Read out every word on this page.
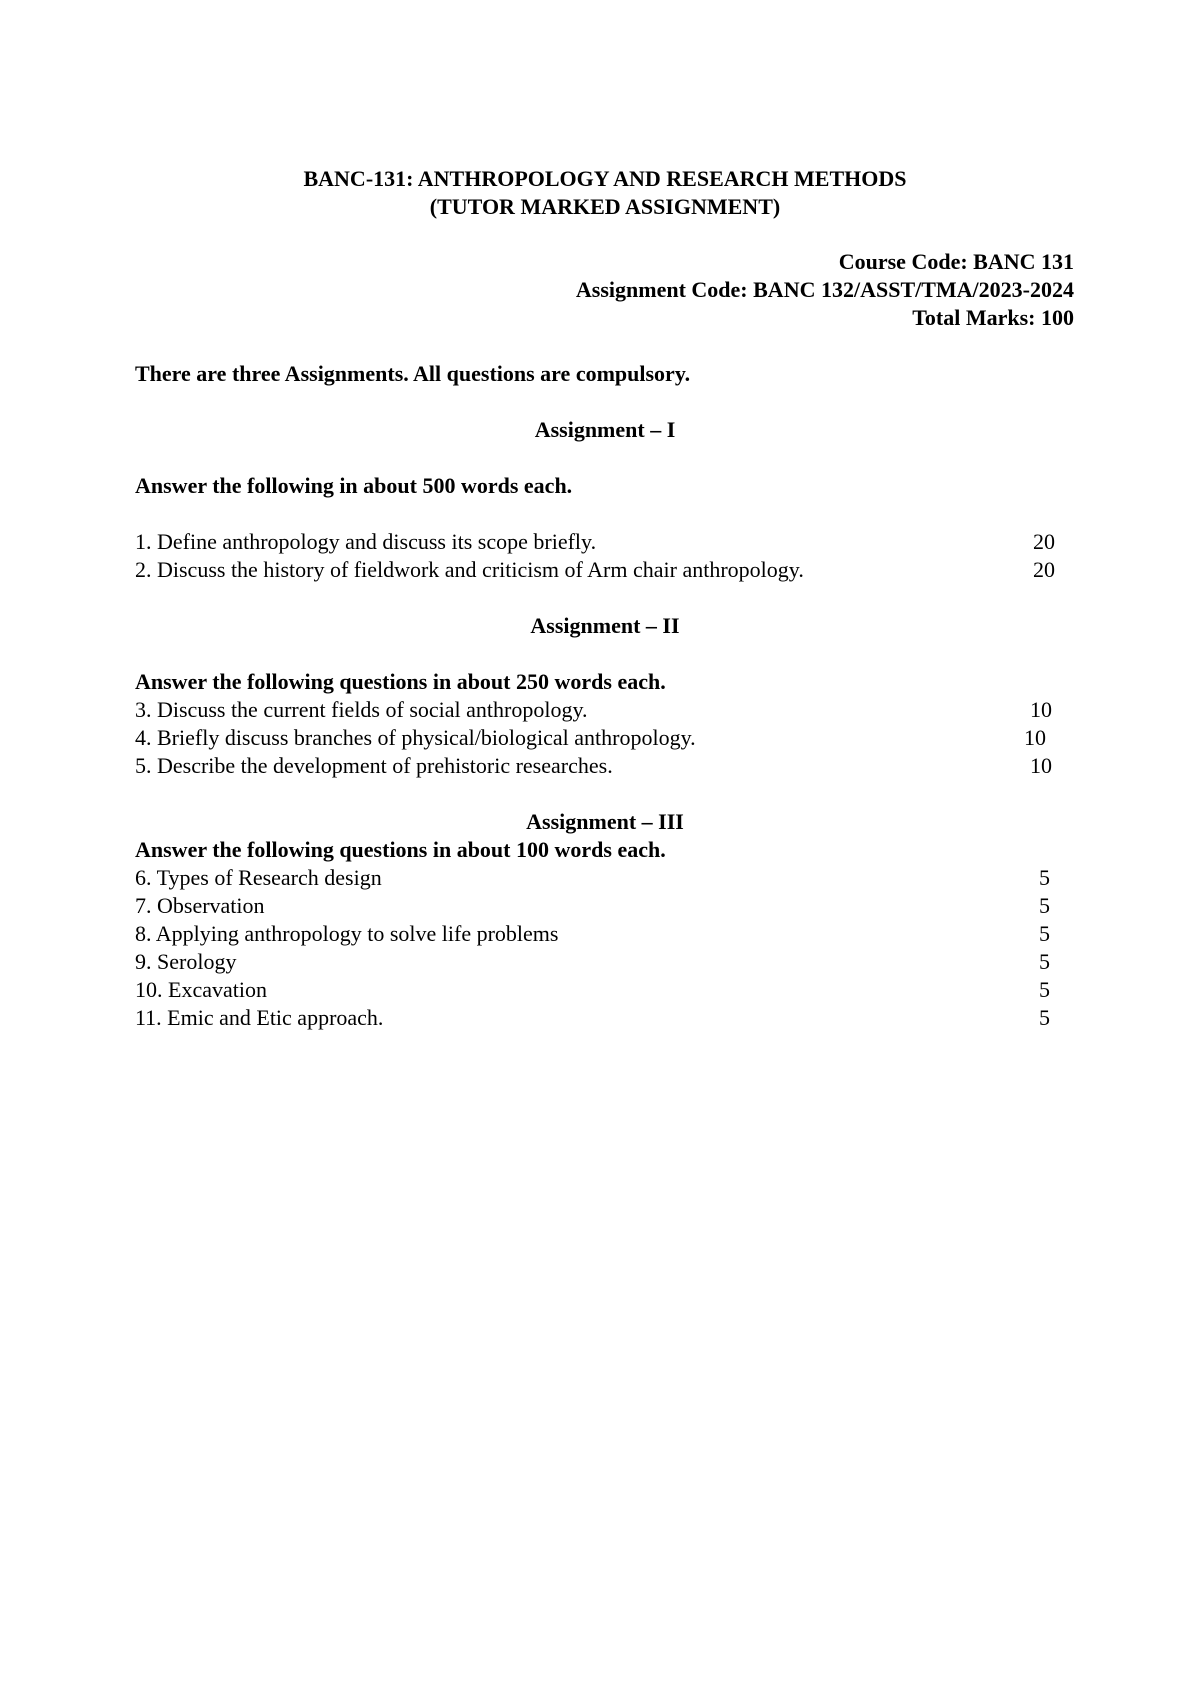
BANC-131: ANTHROPOLOGY AND RESEARCH METHODS
(TUTOR MARKED ASSIGNMENT)
Course Code: BANC 131
Assignment Code: BANC 132/ASST/TMA/2023-2024
Total Marks: 100
There are three Assignments. All questions are compulsory.
Assignment – I
Answer the following in about 500 words each.
1. Define anthropology and discuss its scope briefly.	20
2. Discuss the history of fieldwork and criticism of Arm chair anthropology.	20
Assignment – II
Answer the following questions in about 250 words each.
3. Discuss the current fields of social anthropology.	10
4. Briefly discuss branches of physical/biological anthropology.	10
5. Describe the development of prehistoric researches.	10
Assignment – III
Answer the following questions in about 100 words each.
6. Types of Research design	5
7. Observation	5
8. Applying anthropology to solve life problems	5
9. Serology	5
10. Excavation	5
11. Emic and Etic approach.	5
